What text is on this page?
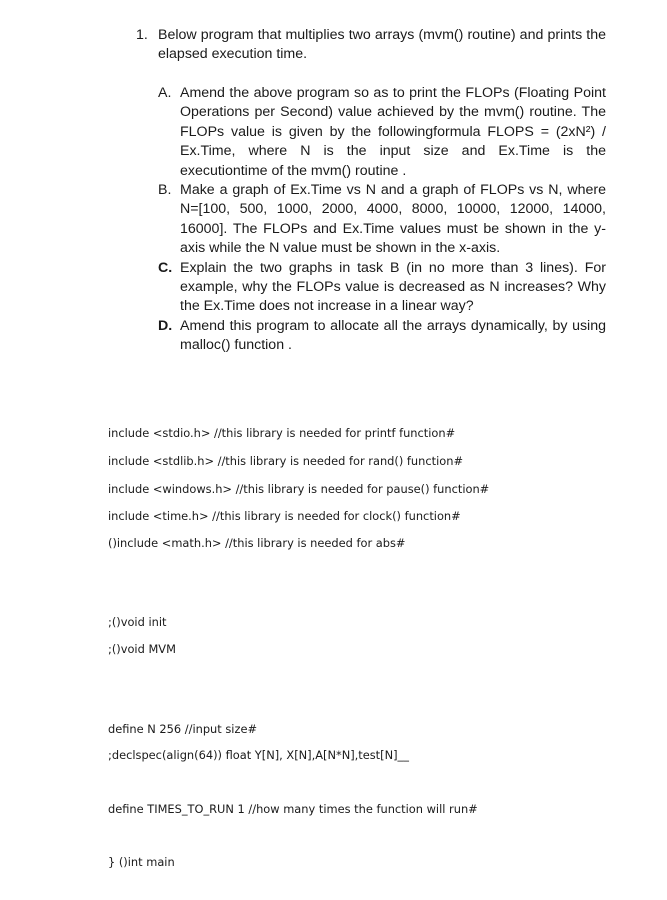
1. Below program that multiplies two arrays (mvm() routine) and prints the elapsed execution time.
A. Amend the above program so as to print the FLOPs (Floating Point Operations per Second) value achieved by the mvm() routine. The FLOPs value is given by the followingformula FLOPS = (2xN²) / Ex.Time, where N is the input size and Ex.Time is the executiontime of the mvm() routine .
B. Make a graph of Ex.Time vs N and a graph of FLOPs vs N, where N=[100, 500, 1000, 2000, 4000, 8000, 10000, 12000, 14000, 16000]. The FLOPs and Ex.Time values must be shown in the y-axis while the N value must be shown in the x-axis.
C. Explain the two graphs in task B (in no more than 3 lines). For example, why the FLOPs value is decreased as N increases? Why the Ex.Time does not increase in a linear way?
D. Amend this program to allocate all the arrays dynamically, by using malloc() function .
include <stdio.h> //this library is needed for printf function#
include <stdlib.h> //this library is needed for rand() function#
include <windows.h> //this library is needed for pause() function#
include <time.h> //this library is needed for clock() function#
()include <math.h> //this library is needed for abs#
;()void init
;()void MVM
define N 256 //input size#
;declspec(align(64)) float Y[N], X[N],A[N*N],test[N]__
define TIMES_TO_RUN 1 //how many times the function will run#
} ()int main
